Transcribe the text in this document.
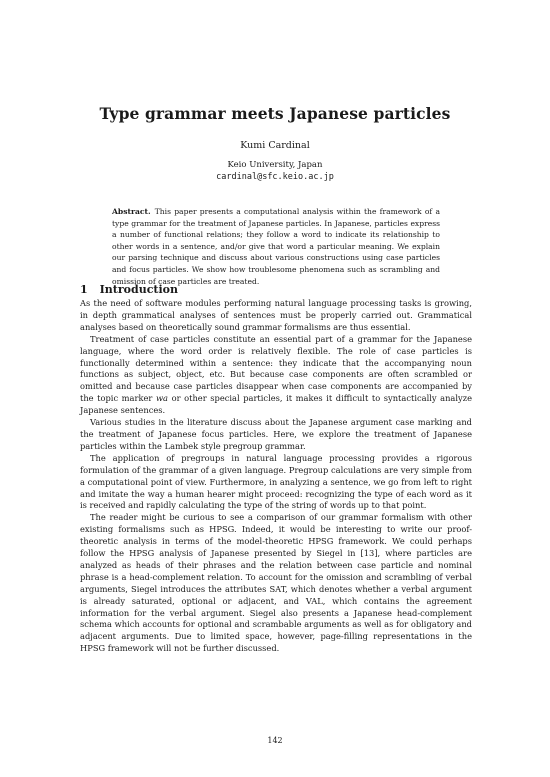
Type grammar meets Japanese particles
Kumi Cardinal
Keio University, Japan
cardinal@sfc.keio.ac.jp
Abstract. This paper presents a computational analysis within the framework of a type grammar for the treatment of Japanese particles. In Japanese, particles express a number of functional relations; they follow a word to indicate its relationship to other words in a sentence, and/or give that word a particular meaning. We explain our parsing technique and discuss about various constructions using case particles and focus particles. We show how troublesome phenomena such as scrambling and omission of case particles are treated.
1 Introduction

As the need of software modules performing natural language processing tasks is growing, in depth grammatical analyses of sentences must be properly carried out. Grammatical analyses based on theoretically sound grammar formalisms are thus essential.

Treatment of case particles constitute an essential part of a grammar for the Japanese language, where the word order is relatively flexible. The role of case particles is functionally determined within a sentence: they indicate that the accompanying noun functions as subject, object, etc. But because case components are often scrambled or omitted and because case particles disappear when case components are accompanied by the topic marker wa or other special particles, it makes it difficult to syntactically analyze Japanese sentences.

Various studies in the literature discuss about the Japanese argument case marking and the treatment of Japanese focus particles. Here, we explore the treatment of Japanese particles within the Lambek style pregroup grammar.

The application of pregroups in natural language processing provides a rigorous formulation of the grammar of a given language. Pregroup calculations are very simple from a computational point of view. Furthermore, in analyzing a sentence, we go from left to right and imitate the way a human hearer might proceed: recognizing the type of each word as it is received and rapidly calculating the type of the string of words up to that point.

The reader might be curious to see a comparison of our grammar formalism with other existing formalisms such as HPSG. Indeed, it would be interesting to write our proof-theoretic analysis in terms of the model-theoretic HPSG framework. We could perhaps follow the HPSG analysis of Japanese presented by Siegel in [13], where particles are analyzed as heads of their phrases and the relation between case particle and nominal phrase is a head-complement relation. To account for the omission and scrambling of verbal arguments, Siegel introduces the attributes SAT, which denotes whether a verbal argument is already saturated, optional or adjacent, and VAL, which contains the agreement information for the verbal argument. Siegel also presents a Japanese head-complement schema which accounts for optional and scrambable arguments as well as for obligatory and adjacent arguments. Due to limited space, however, page-filling representations in the HPSG framework will not be further discussed.

142
